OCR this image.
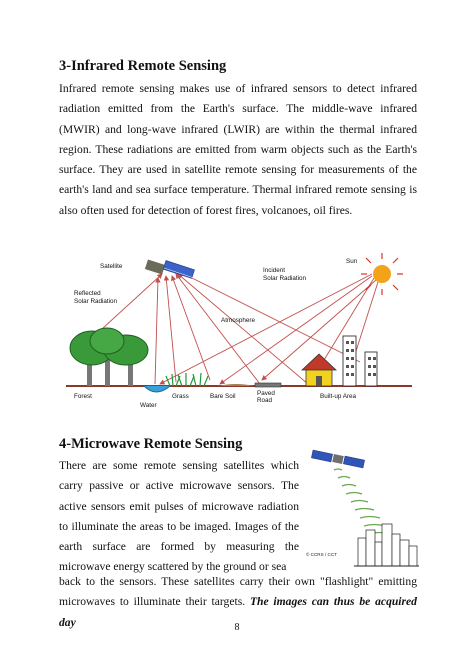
3-Infrared Remote Sensing

Infrared remote sensing makes use of infrared sensors to detect infrared radiation emitted from the Earth's surface. The middle-wave infrared (MWIR) and long-wave infrared (LWIR) are within the thermal infrared region. These radiations are emitted from warm objects such as the Earth's surface. They are used in satellite remote sensing for measurements of the earth's land and sea surface temperature. Thermal infrared remote sensing is also often used for detection of forest fires, volcanoes, oil fires.

Satellite
Sun
Incident
Solar Radiation
Reflected
Solar Radiation
Atmosphere
Forest
Water
Grass	Bare Soil	Paved
Road
Built-up Area
4-Microwave Remote Sensing

There are some remote sensing satellites which carry passive or active microwave sensors. The active sensors emit pulses of microwave radiation to illuminate the areas to be imaged. Images of the earth surface are formed by measuring the microwave energy scattered by the ground or sea

© CCRS / CCT

back to the sensors. These satellites carry their own "flashlight" emitting microwaves to illuminate their targets. The images can thus be acquired day	8
